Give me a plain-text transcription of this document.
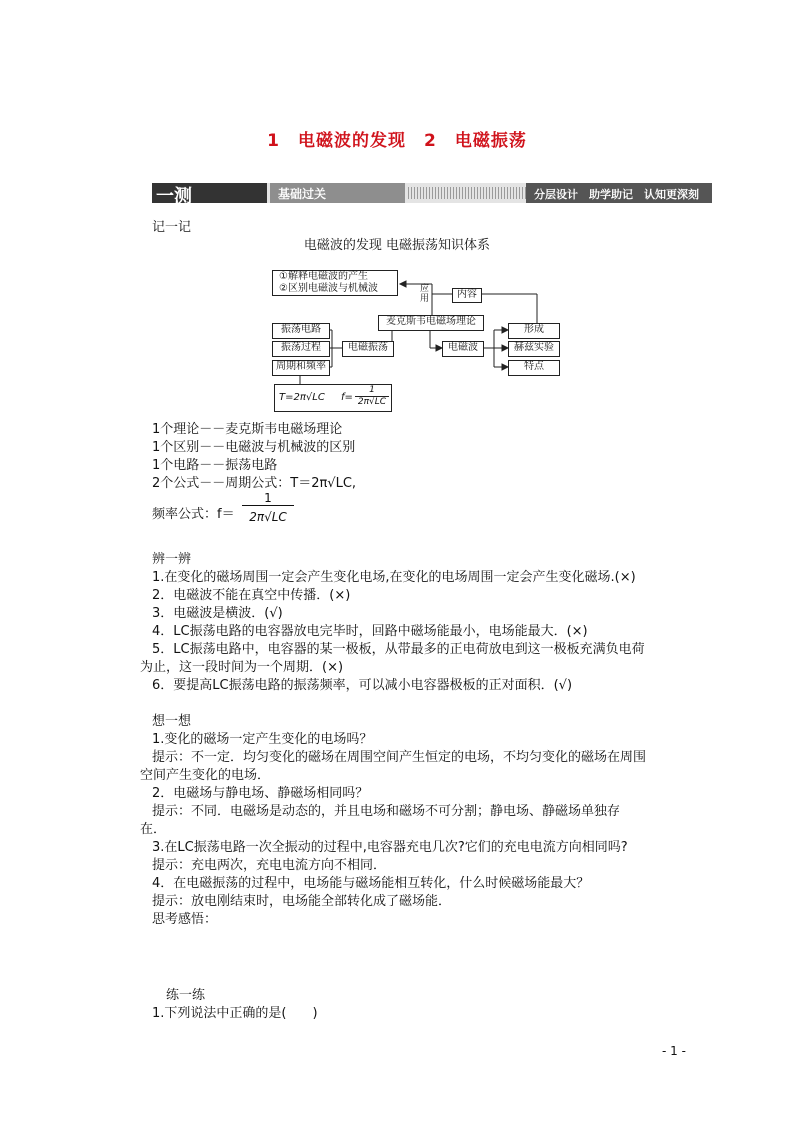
1　电磁波的发现　2　电磁振荡
一测	基础过关	分层设计　助学助记　认知更深刻
记一记
电磁波的发现 电磁振荡知识体系
①解释电磁波的产生
②区别电磁波与机械波	应用	内容
麦克斯韦电磁场理论
振荡电路
振荡过程
周期和频率
电磁振荡	电磁波
形成
赫兹实验
特点
T=2π√LC f=
1
2π√LC
1个理论－－麦克斯韦电磁场理论
1个区别－－电磁波与机械波的区别
1个电路－－振荡电路
2个公式－－周期公式：T＝2π√LC,
频率公式：f＝
1
2π√LC
辨一辨
1.在变化的磁场周围一定会产生变化电场,在变化的电场周围一定会产生变化磁场.(×)
2．电磁波不能在真空中传播．(×)
3．电磁波是横波．(√)
4．LC振荡电路的电容器放电完毕时，回路中磁场能最小，电场能最大．(×)
5．LC振荡电路中，电容器的某一极板，从带最多的正电荷放电到这一极板充满负电荷
为止，这一段时间为一个周期．(×)
6．要提高LC振荡电路的振荡频率，可以减小电容器极板的正对面积．(√)
想一想
1.变化的磁场一定产生变化的电场吗？
提示：不一定．均匀变化的磁场在周围空间产生恒定的电场，不均匀变化的磁场在周围
空间产生变化的电场．
2．电磁场与静电场、静磁场相同吗？
提示：不同．电磁场是动态的，并且电场和磁场不可分割；静电场、静磁场单独存
在．
3.在LC振荡电路一次全振动的过程中,电容器充电几次?它们的充电电流方向相同吗?
提示：充电两次，充电电流方向不相同．
4．在电磁振荡的过程中，电场能与磁场能相互转化，什么时候磁场能最大？
提示：放电刚结束时，电场能全部转化成了磁场能．
思考感悟：
练一练
1.下列说法中正确的是(　　)
- 1 -
